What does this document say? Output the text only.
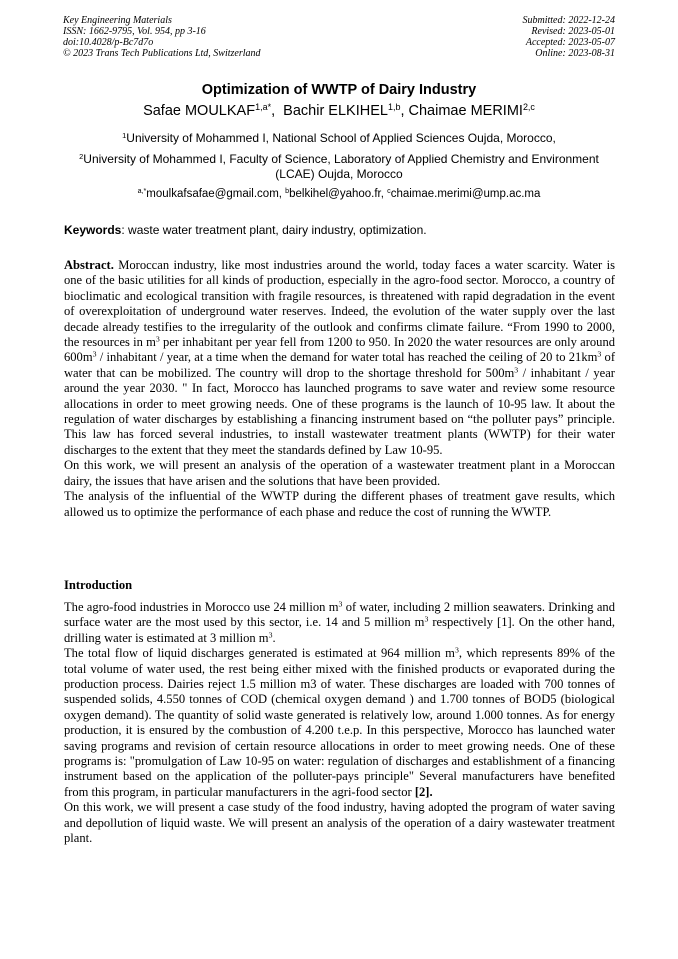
Key Engineering Materials
ISSN: 1662-9795, Vol. 954, pp 3-16
doi:10.4028/p-Bc7d7o
© 2023 Trans Tech Publications Ltd, Switzerland
Submitted: 2022-12-24
Revised: 2023-05-01
Accepted: 2023-05-07
Online: 2023-08-31
Optimization of WWTP of Dairy Industry
Safae $MOULKAF^{1,a*}$,  Bachir ELKIHEL$^{1,b}$, Chaimae MERIMI$^{2,c}$
$^1$University of Mohammed I, National School of Applied Sciences Oujda, Morocco,
$^2$University of Mohammed I, Faculty of Science, Laboratory of Applied Chemistry and Environment (LCAE) Oujda, Morocco
$^{a,*}$moulkafsafae@gmail.com, $^b$belkihel@yahoo.fr, $^c$chaimae.merimi@ump.ac.ma
Keywords: waste water treatment plant, dairy industry, optimization.

Abstract. Moroccan industry, like most industries around the world, today faces a water scarcity. Water is one of the basic utilities for all kinds of production, especially in the agro-food sector. Morocco, a country of bioclimatic and ecological transition with fragile resources, is threatened with rapid degradation in the event of overexploitation of underground water reserves. Indeed, the evolution of the water supply over the last decade already testifies to the irregularity of the outlook and confirms climate failure. “From 1990 to 2000, the resources in $m^3$ per inhabitant per year fell from 1200 to 950. In 2020 the water resources are only around $600m^3$ / inhabitant / year, at a time when the demand for water total has reached the ceiling of 20 to $21km^3$ of water that can be mobilized. The country will drop to the shortage threshold for $500m^3$ / inhabitant / year around the year 2030. " In fact, Morocco has launched programs to save water and review some resource allocations in order to meet growing needs. One of these programs is the launch of 10-95 law. It about the regulation of water discharges by establishing a financing instrument based on “the polluter pays” principle. This law has forced several industries, to install wastewater treatment plants (WWTP) for their water discharges to the extent that they meet the standards defined by Law 10-95.

On this work, we will present an analysis of the operation of a wastewater treatment plant in a Moroccan dairy, the issues that have arisen and the solutions that have been provided.

The analysis of the influential of the WWTP during the different phases of treatment gave results, which allowed us to optimize the performance of each phase and reduce the cost of running the WWTP.

Introduction

The agro-food industries in Morocco use 24 million $m^3$ of water, including 2 million seawaters. Drinking and surface water are the most used by this sector, i.e. 14 and 5 million $m^3$ respectively [1]. On the other hand, drilling water is estimated at 3 million $m^3$.

The total flow of liquid discharges generated is estimated at 964 million $m^3$, which represents 89% of the total volume of water used, the rest being either mixed with the finished products or evaporated during the production process. Dairies reject 1.5 million m3 of water. These discharges are loaded with 700 tonnes of suspended solids, 4.550 tonnes of COD (chemical oxygen demand ) and 1.700 tonnes of BOD5 (biological oxygen demand). The quantity of solid waste generated is relatively low, around 1.000 tonnes. As for energy production, it is ensured by the combustion of 4.200 t.e.p. In this perspective, Morocco has launched water saving programs and revision of certain resource allocations in order to meet growing needs. One of these programs is: "promulgation of Law 10-95 on water: regulation of discharges and establishment of a financing instrument based on the application of the polluter-pays principle" Several manufacturers have benefited from this program, in particular manufacturers in the agri-food sector [2].

On this work, we will present a case study of the food industry, having adopted the program of water saving and depollution of liquid waste. We will present an analysis of the operation of a dairy wastewater treatment plant.
